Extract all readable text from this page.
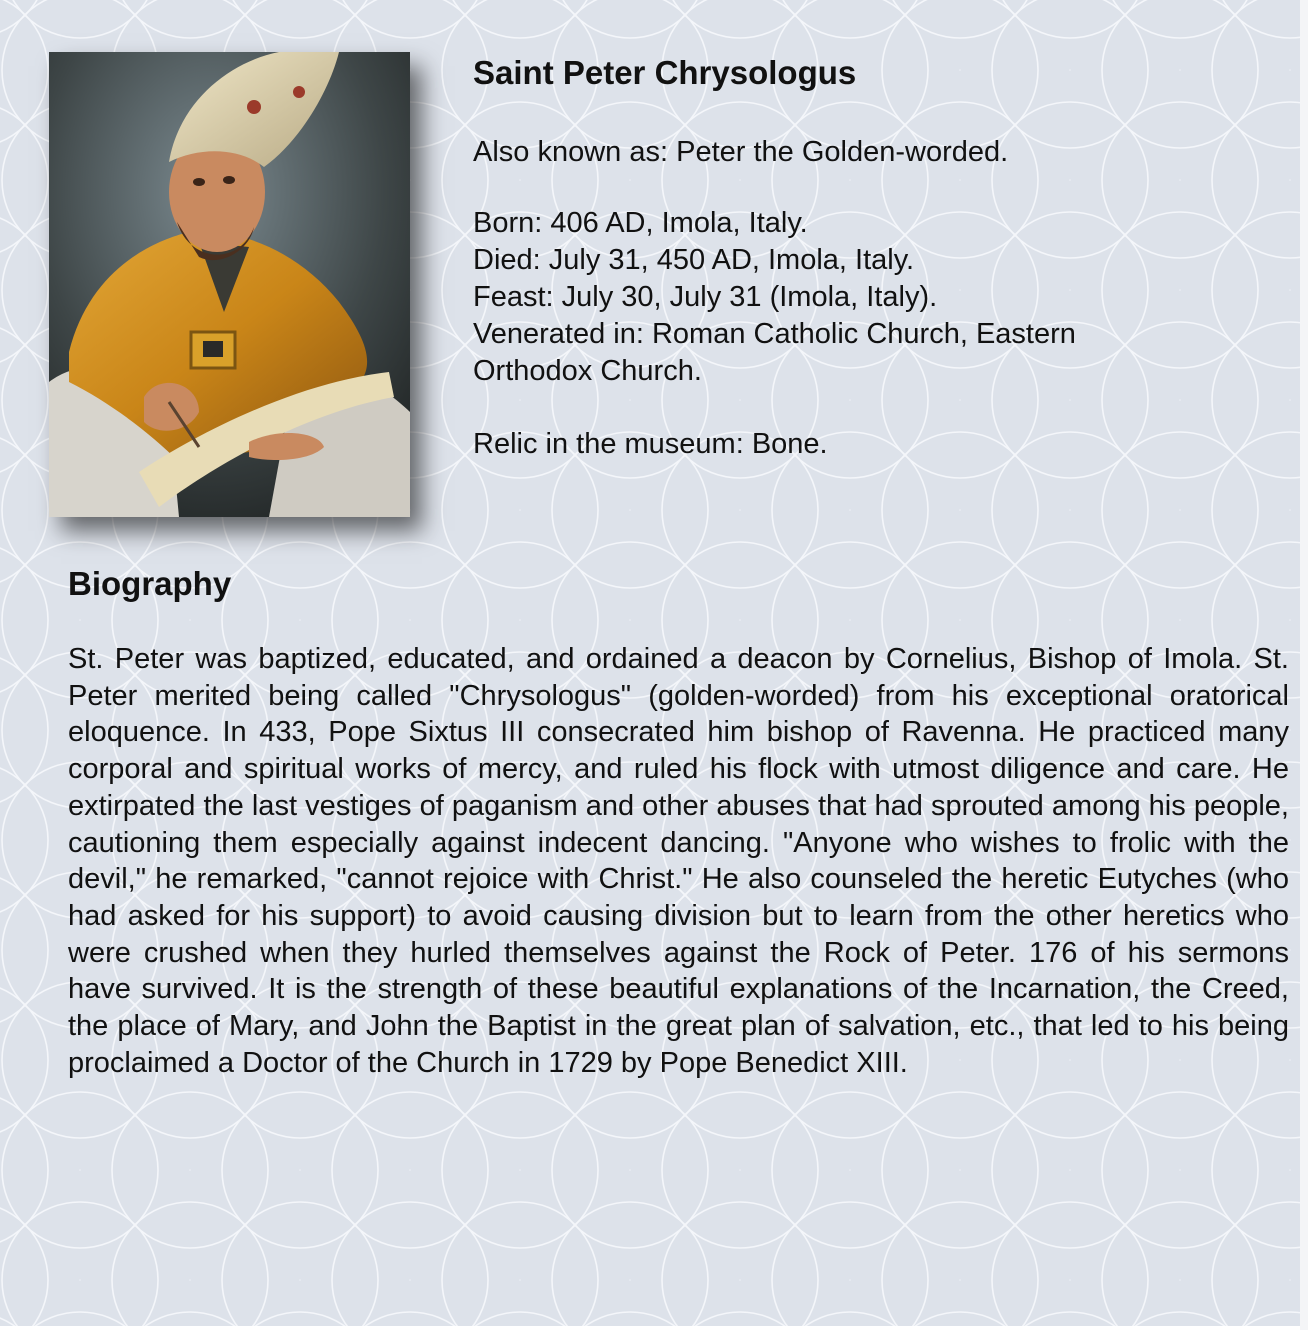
Saint Peter Chrysologus

Also known as: Peter the Golden-worded.

Born: 406 AD, Imola, Italy.

Died: July 31, 450 AD, Imola, Italy.

Feast: July 30, July 31 (Imola, Italy).

Venerated in: Roman Catholic Church, Eastern Orthodox Church.

Relic in the museum: Bone.

Biography

St. Peter was baptized, educated, and ordained a deacon by Cornelius, Bishop of Imola. St. Peter merited being called "Chrysologus" (golden-worded) from his exceptional oratorical eloquence. In 433, Pope Sixtus III consecrated him bishop of Ravenna. He practiced many corporal and spiritual works of mercy, and ruled his flock with utmost diligence and care. He extirpated the last vestiges of paganism and other abuses that had sprouted among his people, cautioning them especially against indecent dancing. "Anyone who wishes to frolic with the devil," he remarked, "cannot rejoice with Christ." He also counseled the heretic Eutyches (who had asked for his support) to avoid causing division but to learn from the other heretics who were crushed when they hurled themselves against the Rock of Peter. 176 of his sermons have survived. It is the strength of these beautiful explanations of the Incarnation, the Creed, the place of Mary, and John the Baptist in the great plan of salvation, etc., that led to his being proclaimed a Doctor of the Church in 1729 by Pope Benedict XIII.
